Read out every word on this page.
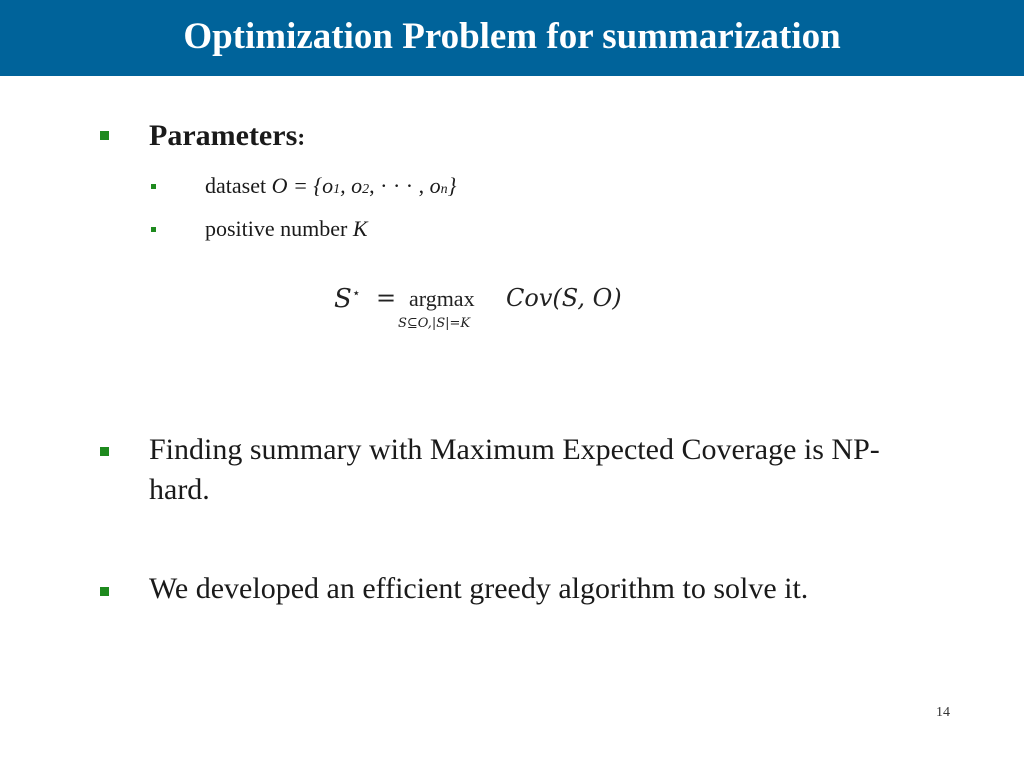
Optimization Problem for summarization
Parameters:
dataset O = {o1, o2, · · · , on}
positive number K
S⋆ = argmax
S⊆O,|S|=K
Cov(S, O)
Finding summary with Maximum Expected Coverage is NP-
hard.
We developed an efficient greedy algorithm to solve it.
14
